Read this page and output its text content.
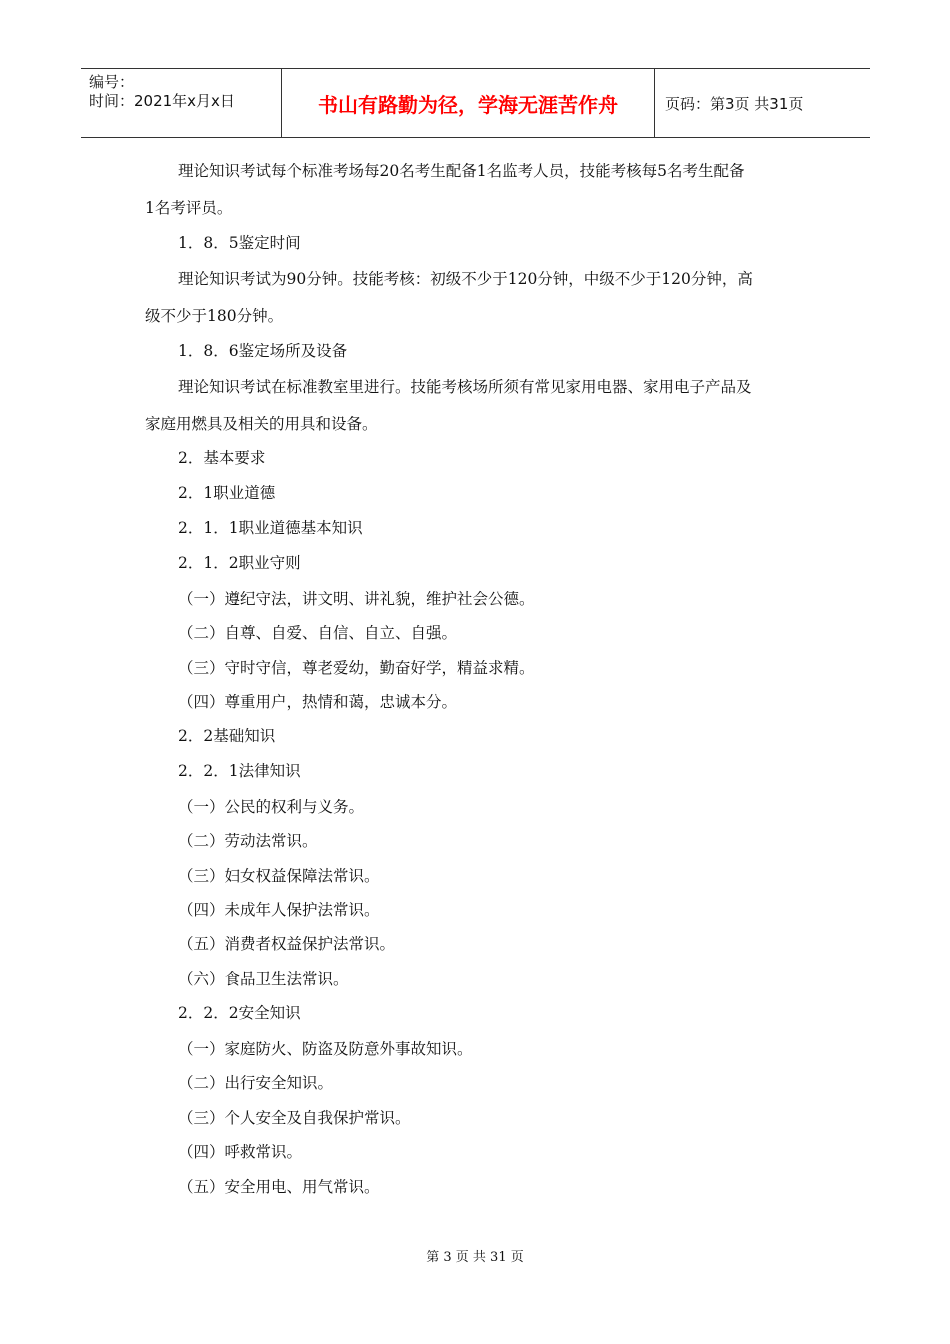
编号：
时间：2021年x月x日	书山有路勤为径，学海无涯苦作舟	页码：第3页 共31页
理论知识考试每个标准考场每20名考生配备1名监考人员，技能考核每5名考生配备
1名考评员。
1．8．5鉴定时间
理论知识考试为90分钟。技能考核：初级不少于120分钟，中级不少于120分钟，高
级不少于180分钟。
1．8．6鉴定场所及设备
理论知识考试在标准教室里进行。技能考核场所须有常见家用电器、家用电子产品及
家庭用燃具及相关的用具和设备。
2．基本要求
2．1职业道德
2．1．1职业道德基本知识
2．1．2职业守则
（一）遵纪守法，讲文明、讲礼貌，维护社会公德。
（二）自尊、自爱、自信、自立、自强。
（三）守时守信，尊老爱幼，勤奋好学，精益求精。
（四）尊重用户，热情和蔼，忠诚本分。
2．2基础知识
2．2．1法律知识
（一）公民的权利与义务。
（二）劳动法常识。
（三）妇女权益保障法常识。
（四）未成年人保护法常识。
（五）消费者权益保护法常识。
（六）食品卫生法常识。
2．2．2安全知识
（一）家庭防火、防盗及防意外事故知识。
（二）出行安全知识。
（三）个人安全及自我保护常识。
（四）呼救常识。
（五）安全用电、用气常识。
第 3 页 共 31 页
